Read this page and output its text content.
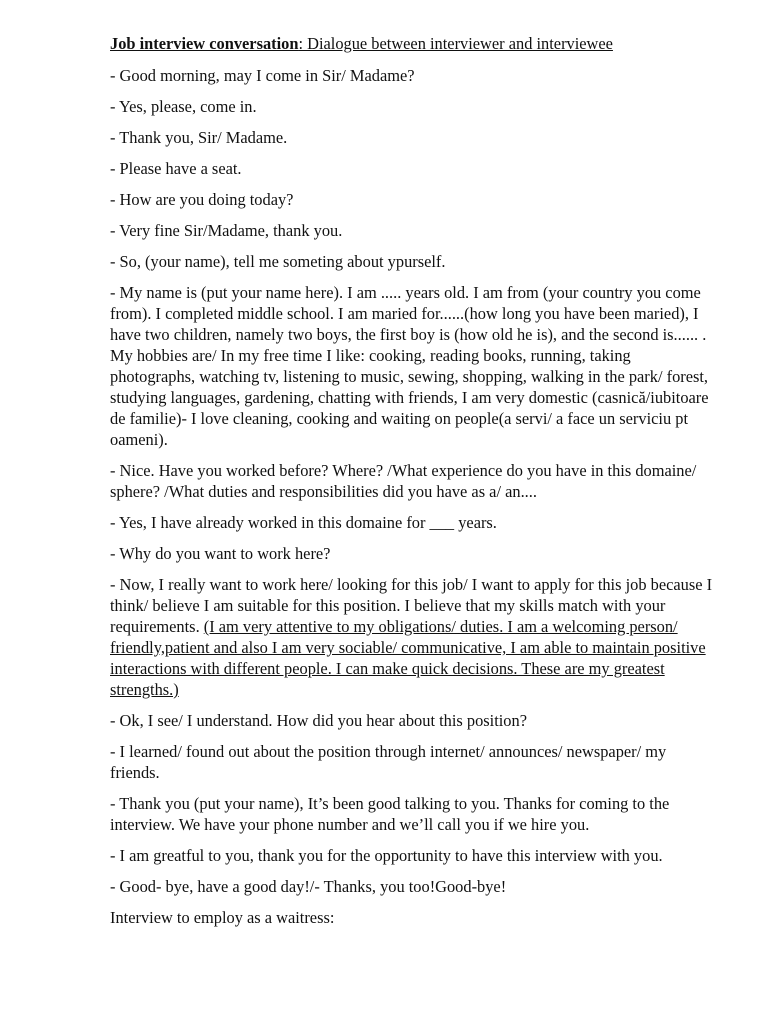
Job interview conversation: Dialogue between interviewer and interviewee

- Good morning, may I come in Sir/ Madame?

- Yes, please, come in.

- Thank you, Sir/ Madame.

- Please have a seat.

- How are you doing today?

- Very fine Sir/Madame, thank you.

- So, (your name), tell me someting about ypurself.

- My name is (put your name here). I am ..... years old. I am from (your country you come from). I completed middle school. I am maried for......(how long you have been maried), I have two children, namely two boys, the first boy is (how old he is), and the second is...... . My hobbies are/ In my free time I like: cooking, reading books, running, taking photographs, watching tv, listening to music, sewing, shopping, walking in the park/ forest, studying languages, gardening, chatting with friends, I am very domestic (casnică/iubitoare de familie)- I love cleaning, cooking and waiting on people(a servi/ a face un serviciu pt oameni).

- Nice. Have you worked before? Where? /What experience do you have in this domaine/ sphere? /What duties and responsibilities did you have as a/ an....

- Yes, I have already worked in this domaine for ___ years.

- Why do you want to work here?

- Now, I really want to work here/ looking for this job/ I want to apply for this job because I think/ believe I am suitable for this position. I believe that my skills match with your requirements. (I am very attentive to my obligations/ duties. I am a welcoming person/ friendly,patient and also I am very sociable/ communicative, I am able to maintain positive interactions with different people. I can make quick decisions. These are my greatest strengths.)

- Ok, I see/ I understand. How did you hear about this position?

- I learned/ found out about the position through internet/ announces/ newspaper/ my friends.

- Thank you (put your name), It’s been good talking to you. Thanks for coming to the interview. We have your phone number and we’ll call you if we hire you.

- I am greatful to you, thank you for the opportunity to have this interview with you.

- Good- bye, have a good day!/- Thanks, you too!Good-bye!

Interview to employ as a waitress:
